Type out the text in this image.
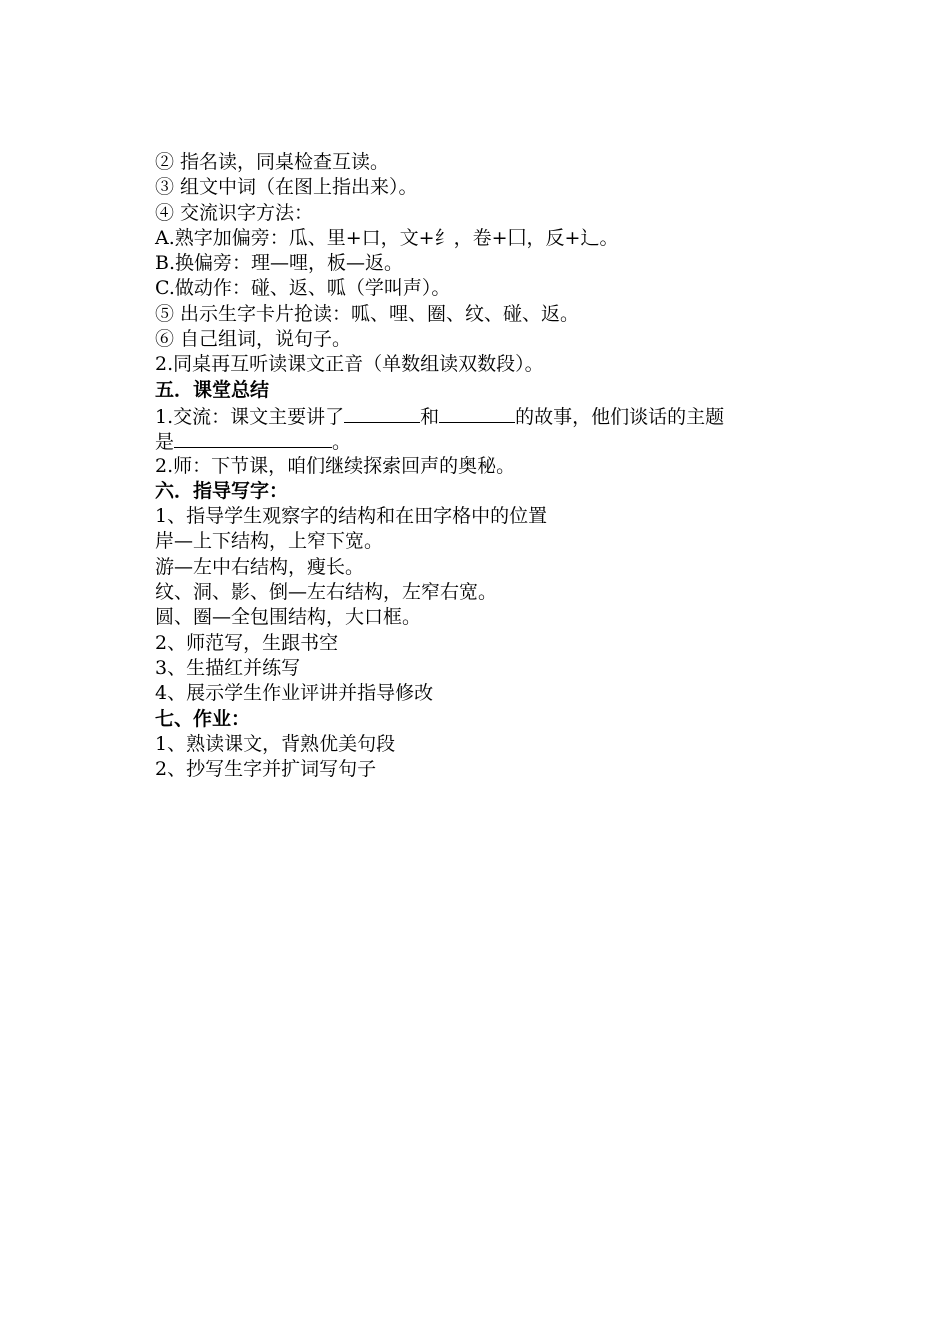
② 指名读，同桌检查互读。
③ 组文中词（在图上指出来）。
④ 交流识字方法：
A.熟字加偏旁：瓜、里+口，文+纟，卷+囗，反+辶。
B.换偏旁：理—哩，板—返。
C.做动作：碰、返、呱（学叫声）。
⑤ 出示生字卡片抢读：呱、哩、圈、纹、碰、返。
⑥ 自己组词，说句子。
2.同桌再互听读课文正音（单数组读双数段）。
五．课堂总结
1.交流：课文主要讲了	和	的故事，他们谈话的主题
是	。
2.师：下节课，咱们继续探索回声的奥秘。
六．指导写字：
1、指导学生观察字的结构和在田字格中的位置
岸—上下结构，上窄下宽。
游—左中右结构，瘦长。
纹、洞、影、倒—左右结构，左窄右宽。
圆、圈—全包围结构，大口框。
2、师范写，生跟书空
3、生描红并练写
4、展示学生作业评讲并指导修改
七、作业：
1、熟读课文，背熟优美句段
2、抄写生字并扩词写句子
